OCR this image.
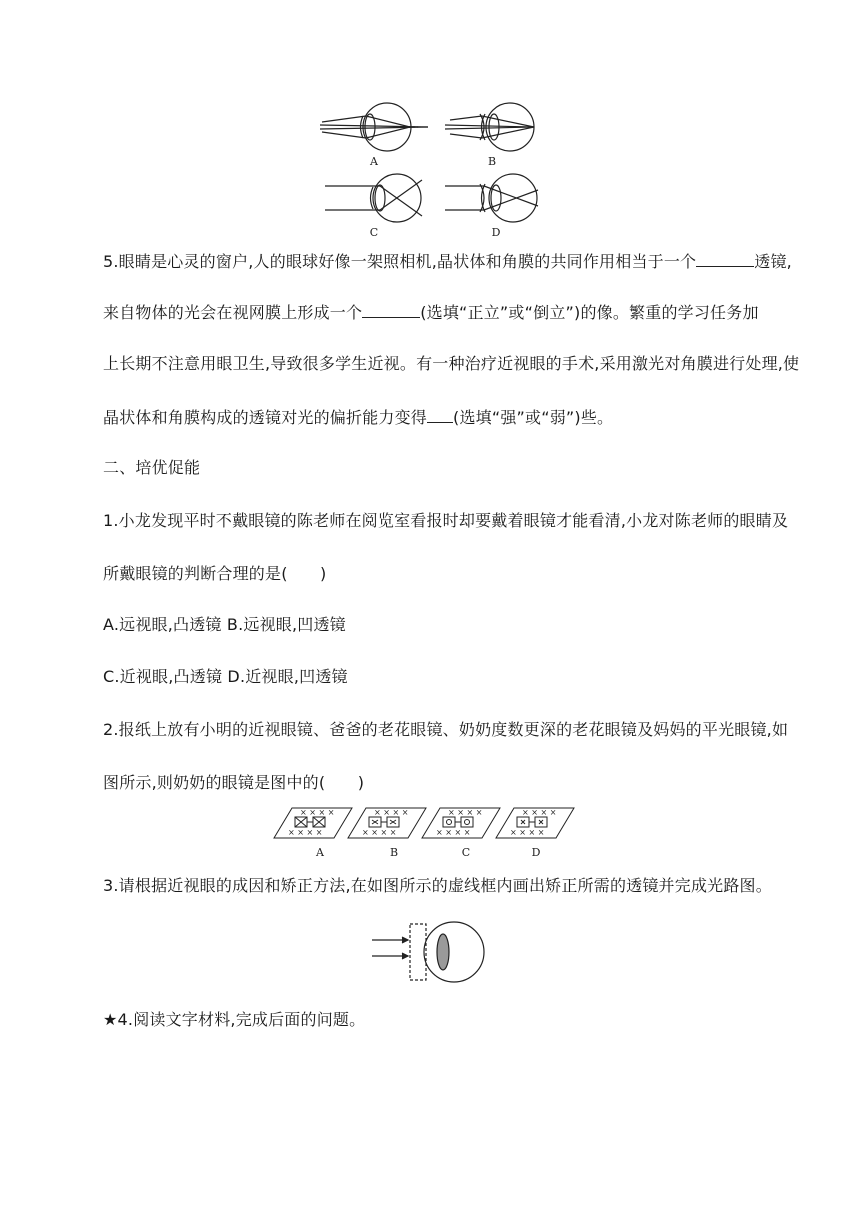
A	B
C	D
5.眼睛是心灵的窗户,人的眼球好像一架照相机,晶状体和角膜的共同作用相当于一个	透镜,
来自物体的光会在视网膜上形成一个	(选填“正立”或“倒立”)的像。繁重的学习任务加
上长期不注意用眼卫生,导致很多学生近视。有一种治疗近视眼的手术,采用激光对角膜进行处理,使
晶状体和角膜构成的透镜对光的偏折能力变得 (选填“强”或“弱”)些。
二、培优促能
1.小龙发现平时不戴眼镜的陈老师在阅览室看报时却要戴着眼镜才能看清,小龙对陈老师的眼睛及
所戴眼镜的判断合理的是(　　)
A.远视眼,凸透镜 B.远视眼,凹透镜
C.近视眼,凸透镜 D.近视眼,凹透镜
2.报纸上放有小明的近视眼镜、爸爸的老花眼镜、奶奶度数更深的老花眼镜及妈妈的平光眼镜,如
图所示,则奶奶的眼镜是图中的(　　)
× × × ×
× × × ×
× × × ×
× × × ×
× × × ×
× × × ×
× × × ×
× × × ×
A	B	C	D
3.请根据近视眼的成因和矫正方法,在如图所示的虚线框内画出矫正所需的透镜并完成光路图。
★4.阅读文字材料,完成后面的问题。
